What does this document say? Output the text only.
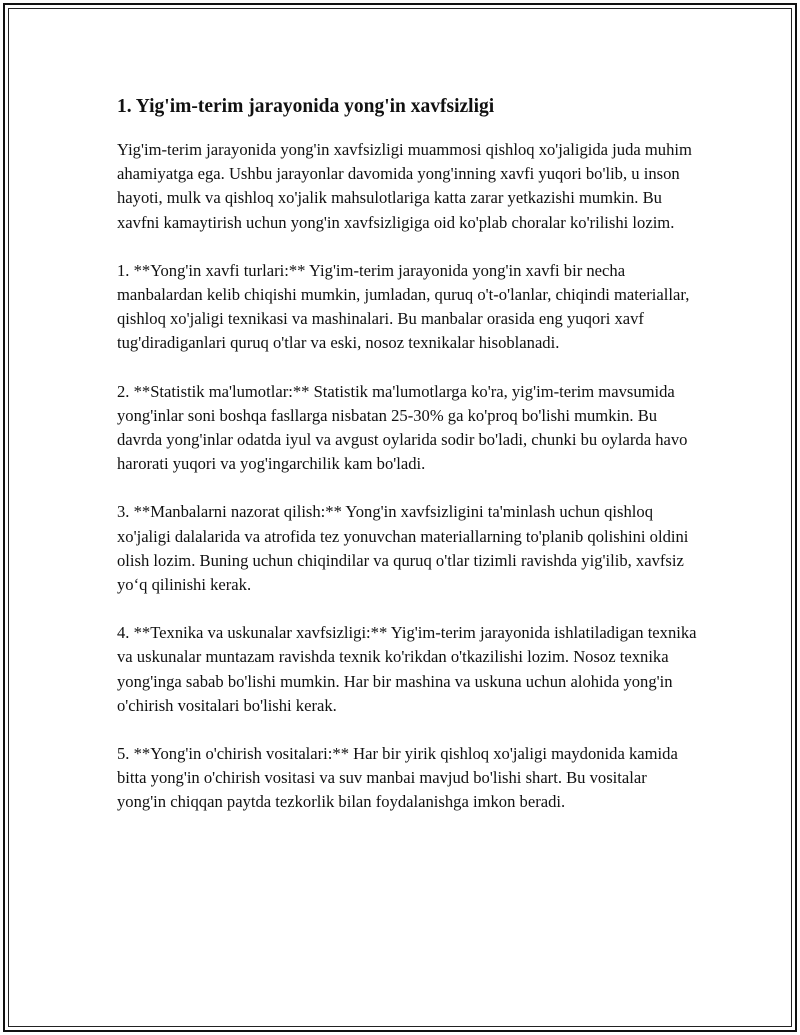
1. Yig'im-terim jarayonida yong'in xavfsizligi

Yig'im-terim jarayonida yong'in xavfsizligi muammosi qishloq xo'jaligida juda muhim ahamiyatga ega. Ushbu jarayonlar davomida yong'inning xavfi yuqori bo'lib, u inson hayoti, mulk va qishloq xo'jalik mahsulotlariga katta zarar yetkazishi mumkin. Bu xavfni kamaytirish uchun yong'in xavfsizligiga oid ko'plab choralar ko'rilishi lozim.

1. **Yong'in xavfi turlari:** Yig'im-terim jarayonida yong'in xavfi bir necha manbalardan kelib chiqishi mumkin, jumladan, quruq o't-o'lanlar, chiqindi materiallar, qishloq xo'jaligi texnikasi va mashinalari. Bu manbalar orasida eng yuqori xavf tug'diradiganlari quruq o'tlar va eski, nosoz texnikalar hisoblanadi.

2. **Statistik ma'lumotlar:** Statistik ma'lumotlarga ko'ra, yig'im-terim mavsumida yong'inlar soni boshqa fasllarga nisbatan 25-30% ga ko'proq bo'lishi mumkin. Bu davrda yong'inlar odatda iyul va avgust oylarida sodir bo'ladi, chunki bu oylarda havo harorati yuqori va yog'ingarchilik kam bo'ladi.

3. **Manbalarni nazorat qilish:** Yong'in xavfsizligini ta'minlash uchun qishloq xo'jaligi dalalarida va atrofida tez yonuvchan materiallarning to'planib qolishini oldini olish lozim. Buning uchun chiqindilar va quruq o'tlar tizimli ravishda yig'ilib, xavfsiz yo‘q qilinishi kerak.

4. **Texnika va uskunalar xavfsizligi:** Yig'im-terim jarayonida ishlatiladigan texnika va uskunalar muntazam ravishda texnik ko'rikdan o'tkazilishi lozim. Nosoz texnika yong'inga sabab bo'lishi mumkin. Har bir mashina va uskuna uchun alohida yong'in o'chirish vositalari bo'lishi kerak.

5. **Yong'in o'chirish vositalari:** Har bir yirik qishloq xo'jaligi maydonida kamida bitta yong'in o'chirish vositasi va suv manbai mavjud bo'lishi shart. Bu vositalar yong'in chiqqan paytda tezkorlik bilan foydalanishga imkon beradi.
